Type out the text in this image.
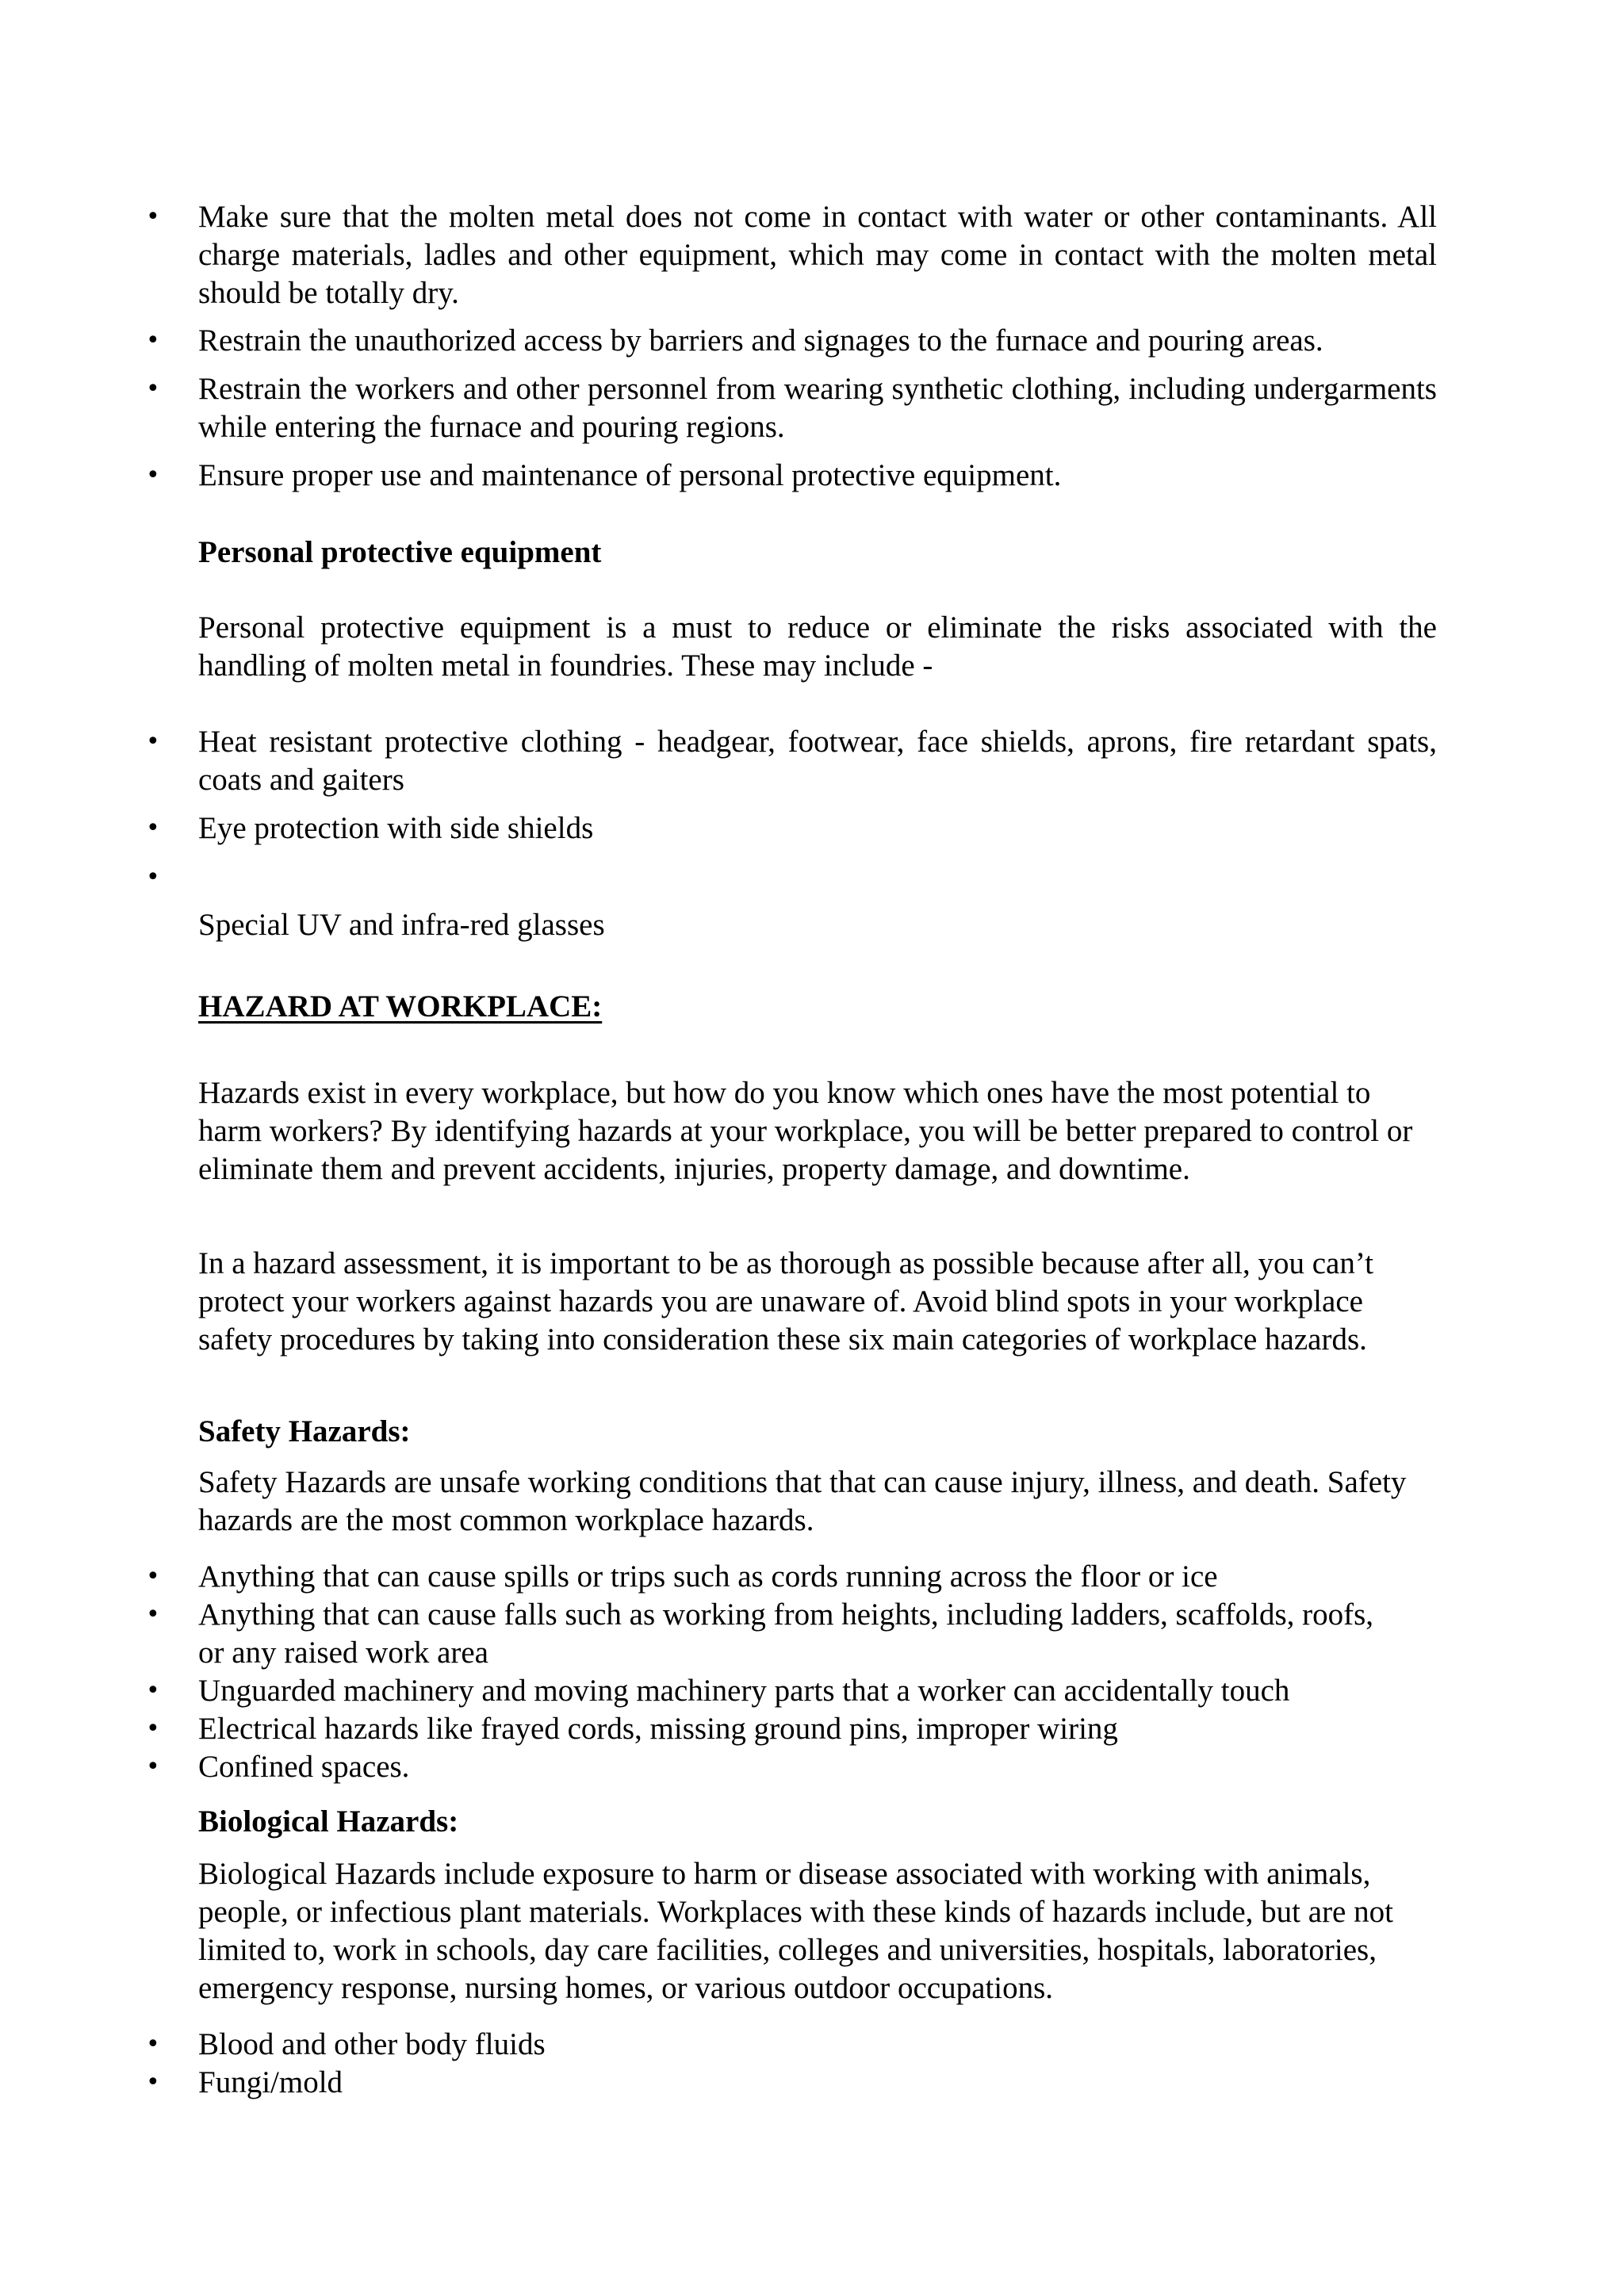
• Make sure that the molten metal does not come in contact with water or other contaminants. All charge materials, ladles and other equipment, which may come in contact with the molten metal should be totally dry.

• Restrain the unauthorized access by barriers and signages to the furnace and pouring areas.

• Restrain the workers and other personnel from wearing synthetic clothing, including undergarments while entering the furnace and pouring regions.

• Ensure proper use and maintenance of personal protective equipment.

Personal protective equipment

Personal protective equipment is a must to reduce or eliminate the risks associated with the handling of molten metal in foundries. These may include -

• Heat resistant protective clothing - headgear, footwear, face shields, aprons, fire retardant spats, coats and gaiters

• Eye protection with side shields

•

Special UV and infra-red glasses

HAZARD AT WORKPLACE:

Hazards exist in every workplace, but how do you know which ones have the most potential to harm workers? By identifying hazards at your workplace, you will be better prepared to control or eliminate them and prevent accidents, injuries, property damage, and downtime.

In a hazard assessment, it is important to be as thorough as possible because after all, you can’t protect your workers against hazards you are unaware of. Avoid blind spots in your workplace safety procedures by taking into consideration these six main categories of workplace hazards.

Safety Hazards:

Safety Hazards are unsafe working conditions that that can cause injury, illness, and death. Safety hazards are the most common workplace hazards.

• Anything that can cause spills or trips such as cords running across the floor or ice

• Anything that can cause falls such as working from heights, including ladders, scaffolds, roofs, or any raised work area

• Unguarded machinery and moving machinery parts that a worker can accidentally touch

• Electrical hazards like frayed cords, missing ground pins, improper wiring

• Confined spaces.

Biological Hazards:

Biological Hazards include exposure to harm or disease associated with working with animals, people, or infectious plant materials. Workplaces with these kinds of hazards include, but are not limited to, work in schools, day care facilities, colleges and universities, hospitals, laboratories, emergency response, nursing homes, or various outdoor occupations.

• Blood and other body fluids

• Fungi/mold
